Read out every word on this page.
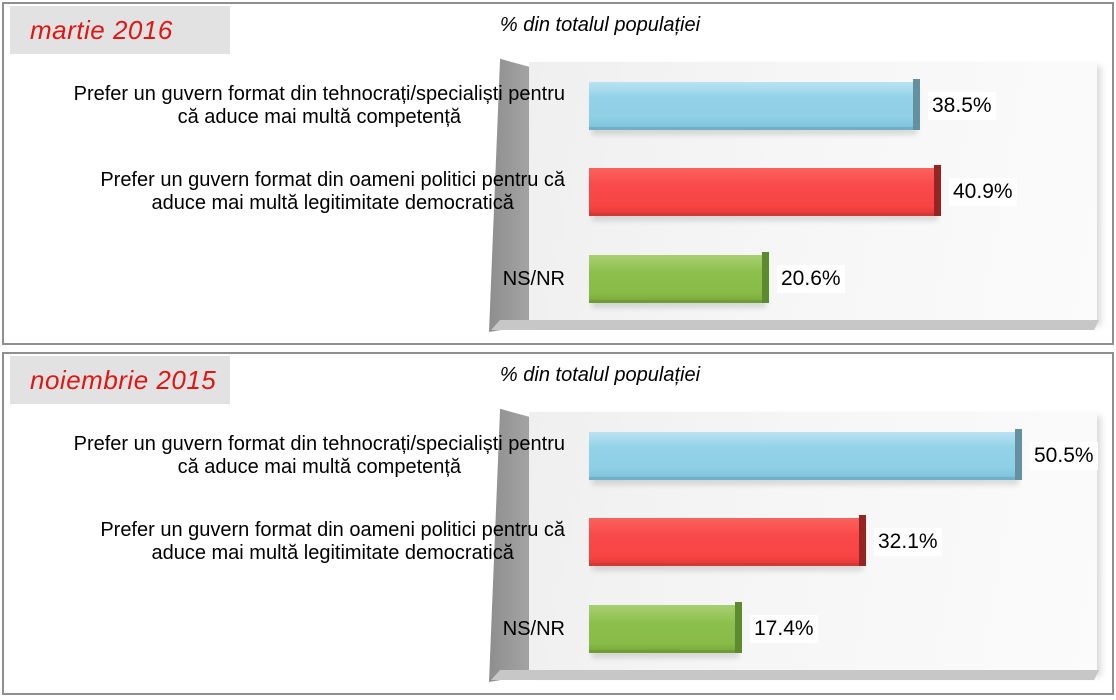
martie 2016	% din totalul populației
Prefer un guvern format din tehnocrați/specialiști pentru
că aduce mai multă competență
Prefer un guvern format din oameni politici pentru că
aduce mai multă legitimitate democratică
NS/NR
38.5%
40.9%
20.6%
noiembrie 2015	% din totalul populației
Prefer un guvern format din tehnocrați/specialiști pentru
că aduce mai multă competență
Prefer un guvern format din oameni politici pentru că
aduce mai multă legitimitate democratică
NS/NR
50.5%
32.1%
17.4%
